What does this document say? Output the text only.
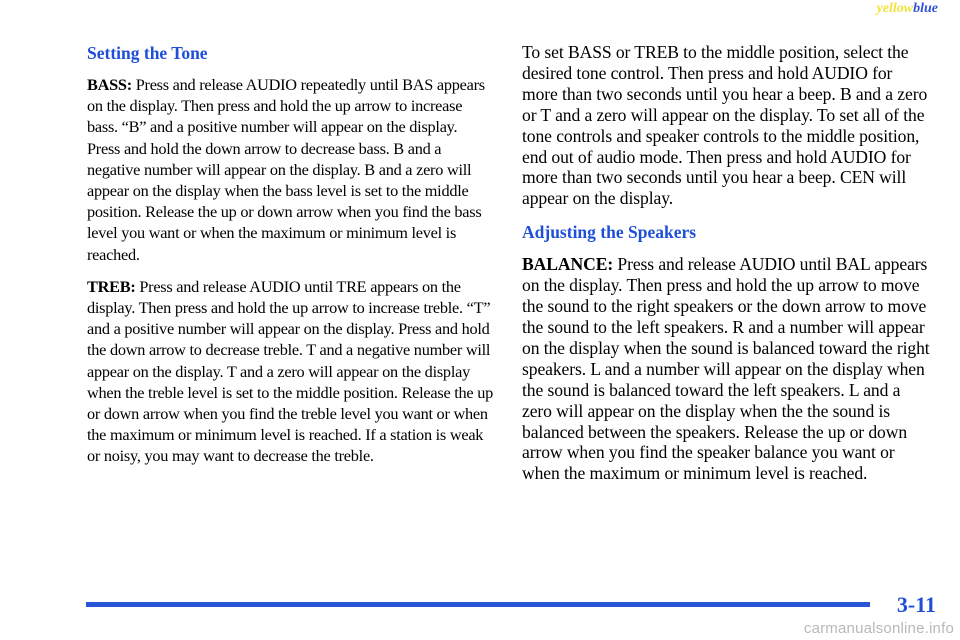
yellowblue
Setting the Tone

BASS: Press and release AUDIO repeatedly until BAS appears on the display. Then press and hold the up arrow to increase bass. “B” and a positive number will appear on the display. Press and hold the down arrow to decrease bass. B and a negative number will appear on the display. B and a zero will appear on the display when the bass level is set to the middle position. Release the up or down arrow when you find the bass level you want or when the maximum or minimum level is reached.

TREB: Press and release AUDIO until TRE appears on the display. Then press and hold the up arrow to increase treble. “T” and a positive number will appear on the display. Press and hold the down arrow to decrease treble. T and a negative number will appear on the display. T and a zero will appear on the display when the treble level is set to the middle position. Release the up or down arrow when you find the treble level you want or when the maximum or minimum level is reached. If a station is weak or noisy, you may want to decrease the treble.

To set BASS or TREB to the middle position, select the desired tone control. Then press and hold AUDIO for more than two seconds until you hear a beep. B and a zero or T and a zero will appear on the display. To set all of the tone controls and speaker controls to the middle position, end out of audio mode. Then press and hold AUDIO for more than two seconds until you hear a beep. CEN will appear on the display.

Adjusting the Speakers

BALANCE: Press and release AUDIO until BAL appears on the display. Then press and hold the up arrow to move the sound to the right speakers or the down arrow to move the sound to the left speakers. R and a number will appear on the display when the sound is balanced toward the right speakers. L and a number will appear on the display when the sound is balanced toward the left speakers. L and a zero will appear on the display when the the sound is balanced between the speakers. Release the up or down arrow when you find the speaker balance you want or when the maximum or minimum level is reached.

3-11
carmanualsonline.info
